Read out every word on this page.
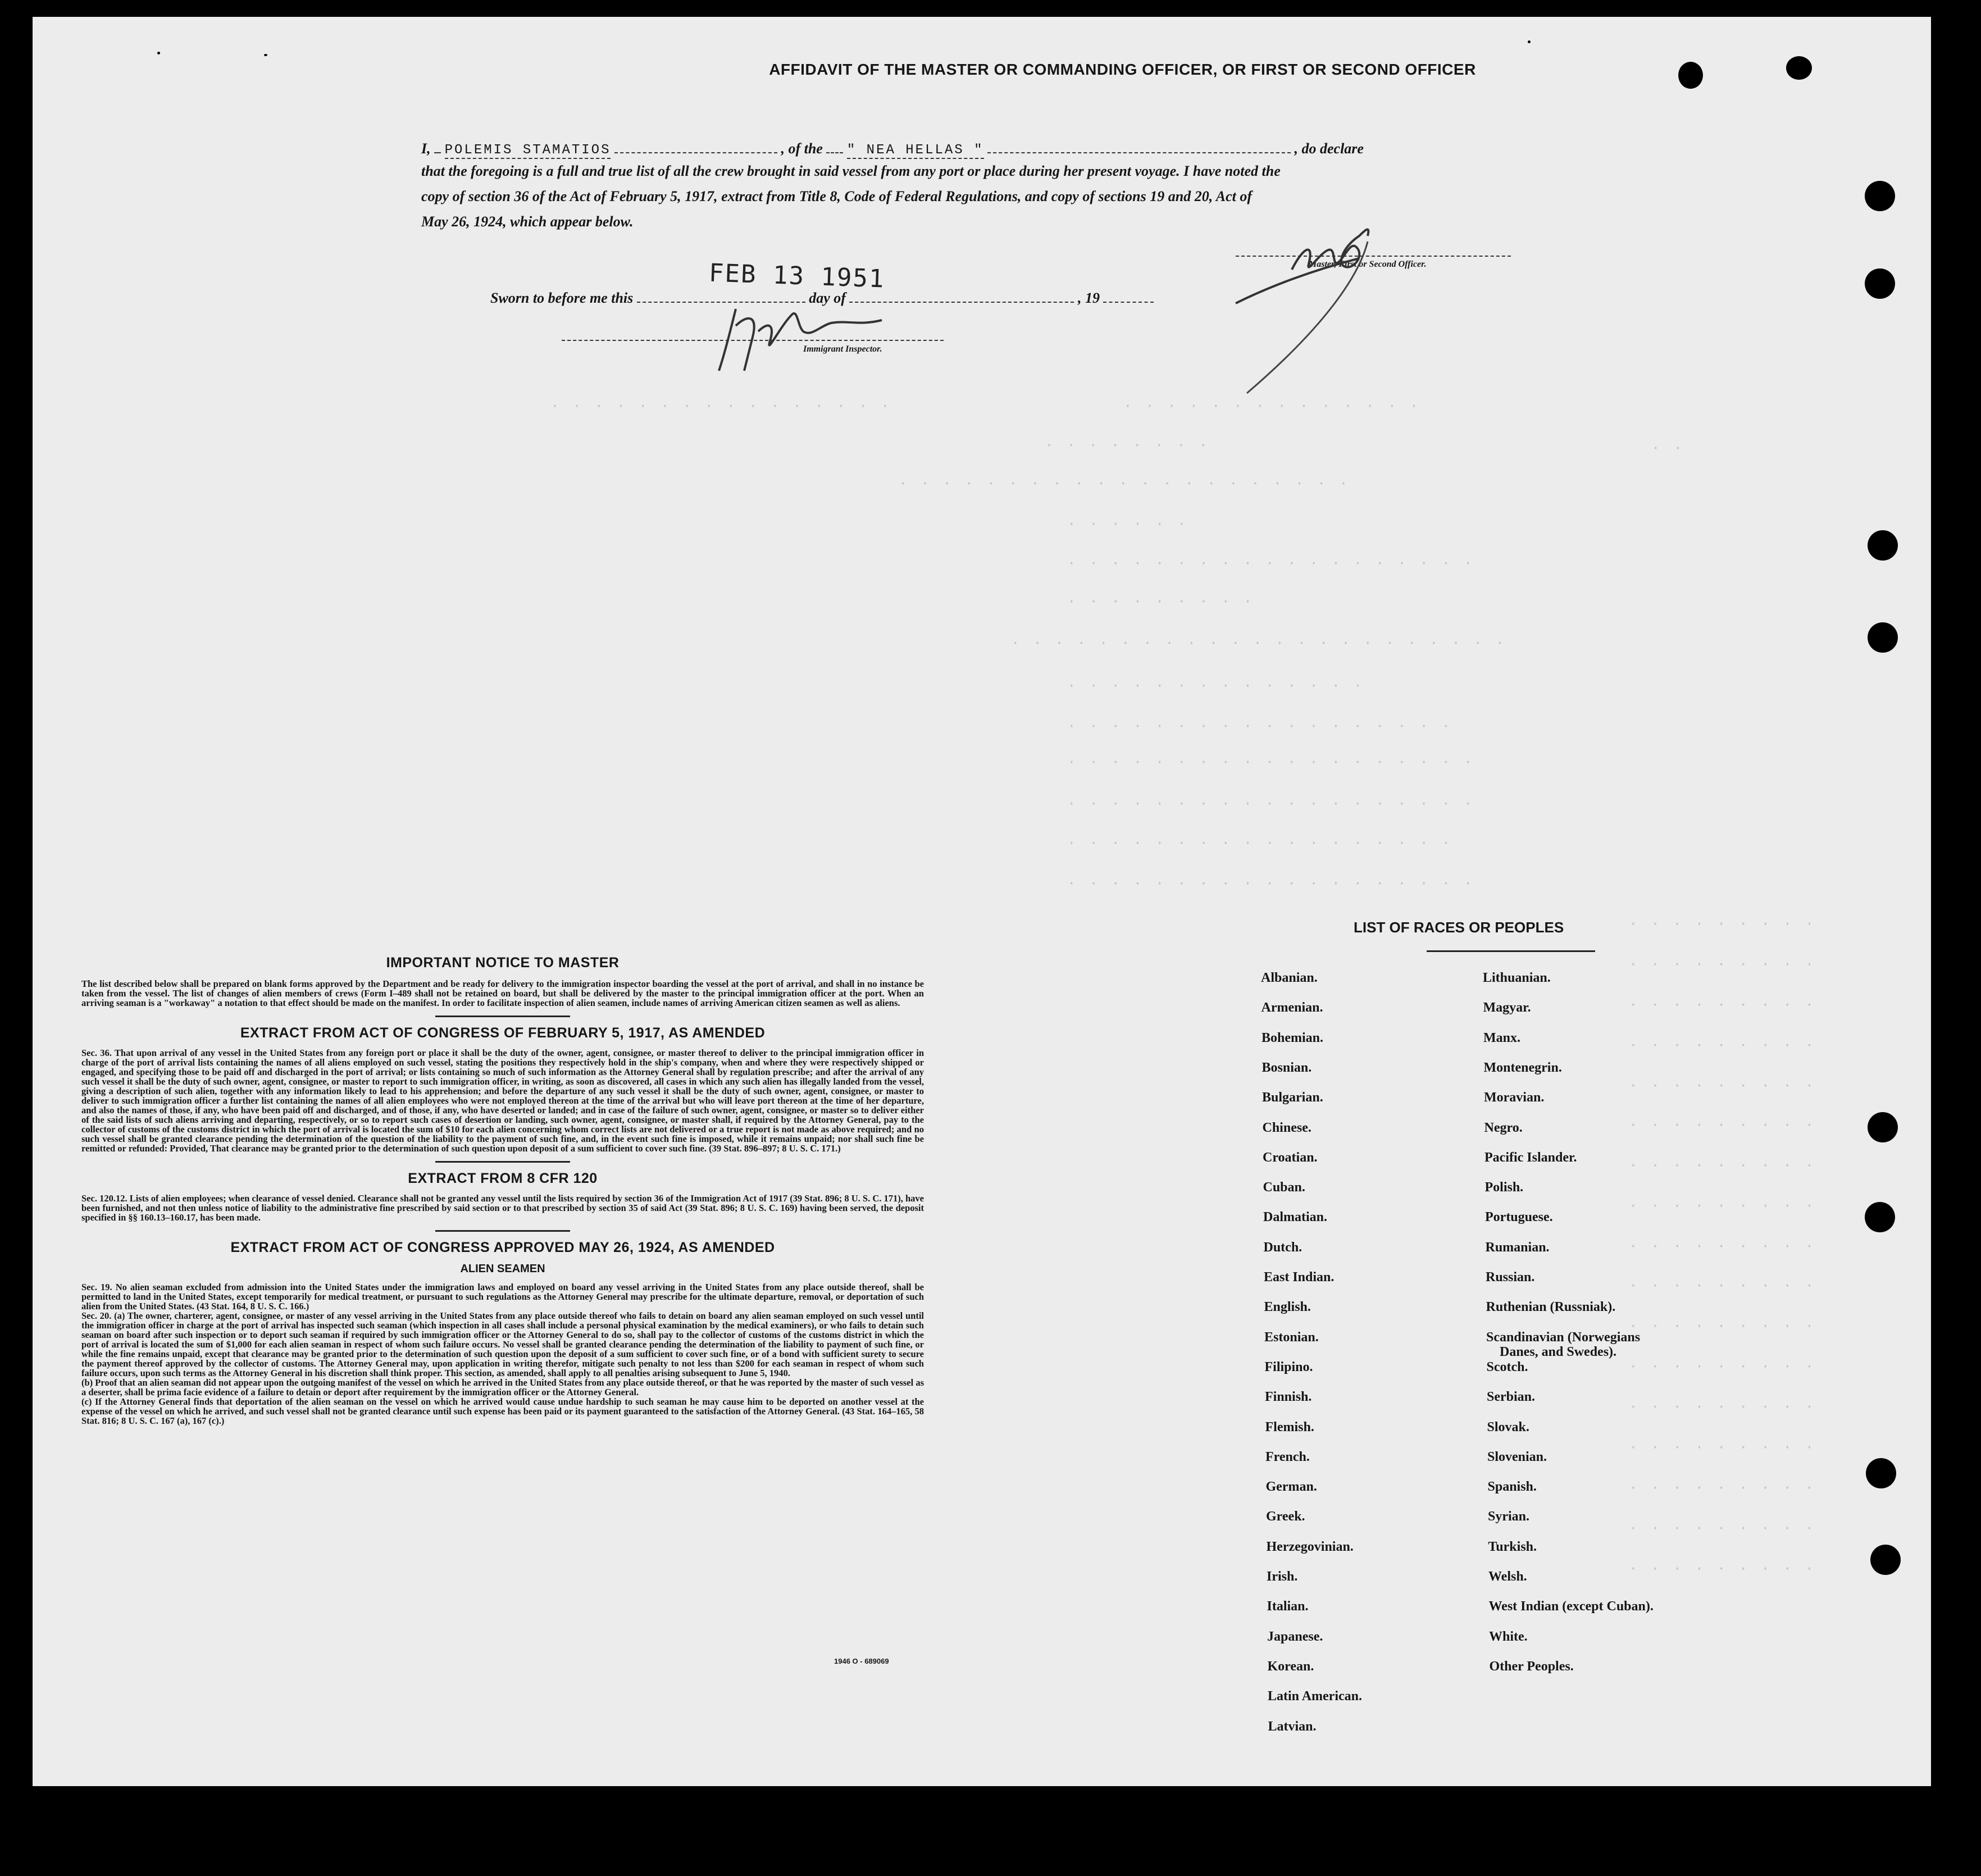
· · · · · · · · · · · · · · · ·	· · · · · · · · · · · · · ·
· · · · · · · ·	· ·
· · · · · · · · · · · · · · · · · · · · ·
· · · · · ·
· · · · · · · · · · · · · · · · · · ·
· · · · · · · · ·
· · · · · · · · · · · · · · · · · · · · · · ·
· · · · · · · · · · · · · ·
· · · · · · · · · · · · · · · · · ·
· · · · · · · · · · · · · · · · · · ·
· · · · · · · · · · · · · · · · · · ·
· · · · · · · · · · · · · · · · · ·
· · · · · · · · · · · · · · · · · · ·
· · · · · · · · ·
· · · · · · · · ·
· · · · · · · · ·
· · · · · · · · ·
· · · · · · · · ·
· · · · · · · · ·
· · · · · · · · ·
· · · · · · · · ·
· · · · · · · · ·
· · · · · · · · ·
· · · · · · · · ·
· · · · · · · · ·
· · · · · · · · ·
· · · · · · · · ·
· · · · · · · · ·
· · · · · · · · ·
· · · · · · · · ·
AFFIDAVIT OF THE MASTER OR COMMANDING OFFICER, OR FIRST OR SECOND OFFICER
I, POLEMIS STAMATIOS	, of the " NEA HELLAS "	, do declare
that the foregoing is a full and true list of all the crew brought in said vessel from any port or place during her present voyage. I have noted the
copy of section 36 of the Act of February 5, 1917, extract from Title 8, Code of Federal Regulations, and copy of sections 19 and 20, Act of
May 26, 1924, which appear below.
Master, First or Second Officer.
Sworn to before me this	day of	, 19
FEB 13 1951
Immigrant Inspector.
IMPORTANT NOTICE TO MASTER

The list described below shall be prepared on blank forms approved by the Department and be ready for delivery to the immigration inspector boarding the vessel at the port of arrival, and shall in no instance be taken from the vessel. The list of changes of alien members of crews (Form I–489 shall not be retained on board, but shall be delivered by the master to the principal immigration officer at the port. When an arriving seaman is a "workaway" a notation to that effect should be made on the manifest. In order to facilitate inspection of alien seamen, include names of arriving American citizen seamen as well as aliens.

EXTRACT FROM ACT OF CONGRESS OF FEBRUARY 5, 1917, AS AMENDED

Sec. 36. That upon arrival of any vessel in the United States from any foreign port or place it shall be the duty of the owner, agent, consignee, or master thereof to deliver to the principal immigration officer in charge of the port of arrival lists containing the names of all aliens employed on such vessel, stating the positions they respectively hold in the ship's company, when and where they were respectively shipped or engaged, and specifying those to be paid off and discharged in the port of arrival; or lists containing so much of such information as the Attorney General shall by regulation prescribe; and after the arrival of any such vessel it shall be the duty of such owner, agent, consignee, or master to report to such immigration officer, in writing, as soon as discovered, all cases in which any such alien has illegally landed from the vessel, giving a description of such alien, together with any information likely to lead to his apprehension; and before the departure of any such vessel it shall be the duty of such owner, agent, consignee, or master to deliver to such immigration officer a further list containing the names of all alien employees who were not employed thereon at the time of the arrival but who will leave port thereon at the time of her departure, and also the names of those, if any, who have been paid off and discharged, and of those, if any, who have deserted or landed; and in case of the failure of such owner, agent, consignee, or master so to deliver either of the said lists of such aliens arriving and departing, respectively, or so to report such cases of desertion or landing, such owner, agent, consignee, or master shall, if required by the Attorney General, pay to the collector of customs of the customs district in which the port of arrival is located the sum of $10 for each alien concerning whom correct lists are not delivered or a true report is not made as above required; and no such vessel shall be granted clearance pending the determination of the question of the liability to the payment of such fine, and, in the event such fine is imposed, while it remains unpaid; nor shall such fine be remitted or refunded: Provided, That clearance may be granted prior to the determination of such question upon deposit of a sum sufficient to cover such fine. (39 Stat. 896–897; 8 U. S. C. 171.)

EXTRACT FROM 8 CFR 120

Sec. 120.12. Lists of alien employees; when clearance of vessel denied. Clearance shall not be granted any vessel until the lists required by section 36 of the Immigration Act of 1917 (39 Stat. 896; 8 U. S. C. 171), have been furnished, and not then unless notice of liability to the administrative fine prescribed by said section or to that prescribed by section 35 of said Act (39 Stat. 896; 8 U. S. C. 169) having been served, the deposit specified in §§ 160.13–160.17, has been made.

EXTRACT FROM ACT OF CONGRESS APPROVED MAY 26, 1924, AS AMENDED
ALIEN SEAMEN

Sec. 19. No alien seaman excluded from admission into the United States under the immigration laws and employed on board any vessel arriving in the United States from any place outside thereof, shall be permitted to land in the United States, except temporarily for medical treatment, or pursuant to such regulations as the Attorney General may prescribe for the ultimate departure, removal, or deportation of such alien from the United States. (43 Stat. 164, 8 U. S. C. 166.)

Sec. 20. (a) The owner, charterer, agent, consignee, or master of any vessel arriving in the United States from any place outside thereof who fails to detain on board any alien seaman employed on such vessel until the immigration officer in charge at the port of arrival has inspected such seaman (which inspection in all cases shall include a personal physical examination by the medical examiners), or who fails to detain such seaman on board after such inspection or to deport such seaman if required by such immigration officer or the Attorney General to do so, shall pay to the collector of customs of the customs district in which the port of arrival is located the sum of $1,000 for each alien seaman in respect of whom such failure occurs. No vessel shall be granted clearance pending the determination of the liability to payment of such fine, or while the fine remains unpaid, except that clearance may be granted prior to the determination of such question upon the deposit of a sum sufficient to cover such fine, or of a bond with sufficient surety to secure the payment thereof approved by the collector of customs. The Attorney General may, upon application in writing therefor, mitigate such penalty to not less than $200 for each seaman in respect of whom such failure occurs, upon such terms as the Attorney General in his discretion shall think proper. This section, as amended, shall apply to all penalties arising subsequent to June 5, 1940.

(b) Proof that an alien seaman did not appear upon the outgoing manifest of the vessel on which he arrived in the United States from any place outside thereof, or that he was reported by the master of such vessel as a deserter, shall be prima facie evidence of a failure to detain or deport after requirement by the immigration officer or the Attorney General.

(c) If the Attorney General finds that deportation of the alien seaman on the vessel on which he arrived would cause undue hardship to such seaman he may cause him to be deported on another vessel at the expense of the vessel on which he arrived, and such vessel shall not be granted clearance until such expense has been paid or its payment guaranteed to the satisfaction of the Attorney General. (43 Stat. 164–165, 58 Stat. 816; 8 U. S. C. 167 (a), 167 (c).)

1946 O - 689069
LIST OF RACES OR PEOPLES
Albanian.
Armenian.
Bohemian.
Bosnian.
Bulgarian.
Chinese.
Croatian.
Cuban.
Dalmatian.
Dutch.
East Indian.
English.
Estonian.
Filipino.
Finnish.
Flemish.
French.
German.
Greek.
Herzegovinian.
Irish.
Italian.
Japanese.
Korean.
Latin American.
Latvian.
Lithuanian.
Magyar.
Manx.
Montenegrin.
Moravian.
Negro.
Pacific Islander.
Polish.
Portuguese.
Rumanian.
Russian.
Ruthenian (Russniak).
Scandinavian (Norwegians
Danes, and Swedes).
Scotch.
Serbian.
Slovak.
Slovenian.
Spanish.
Syrian.
Turkish.
Welsh.
West Indian (except Cuban).
White.
Other Peoples.
